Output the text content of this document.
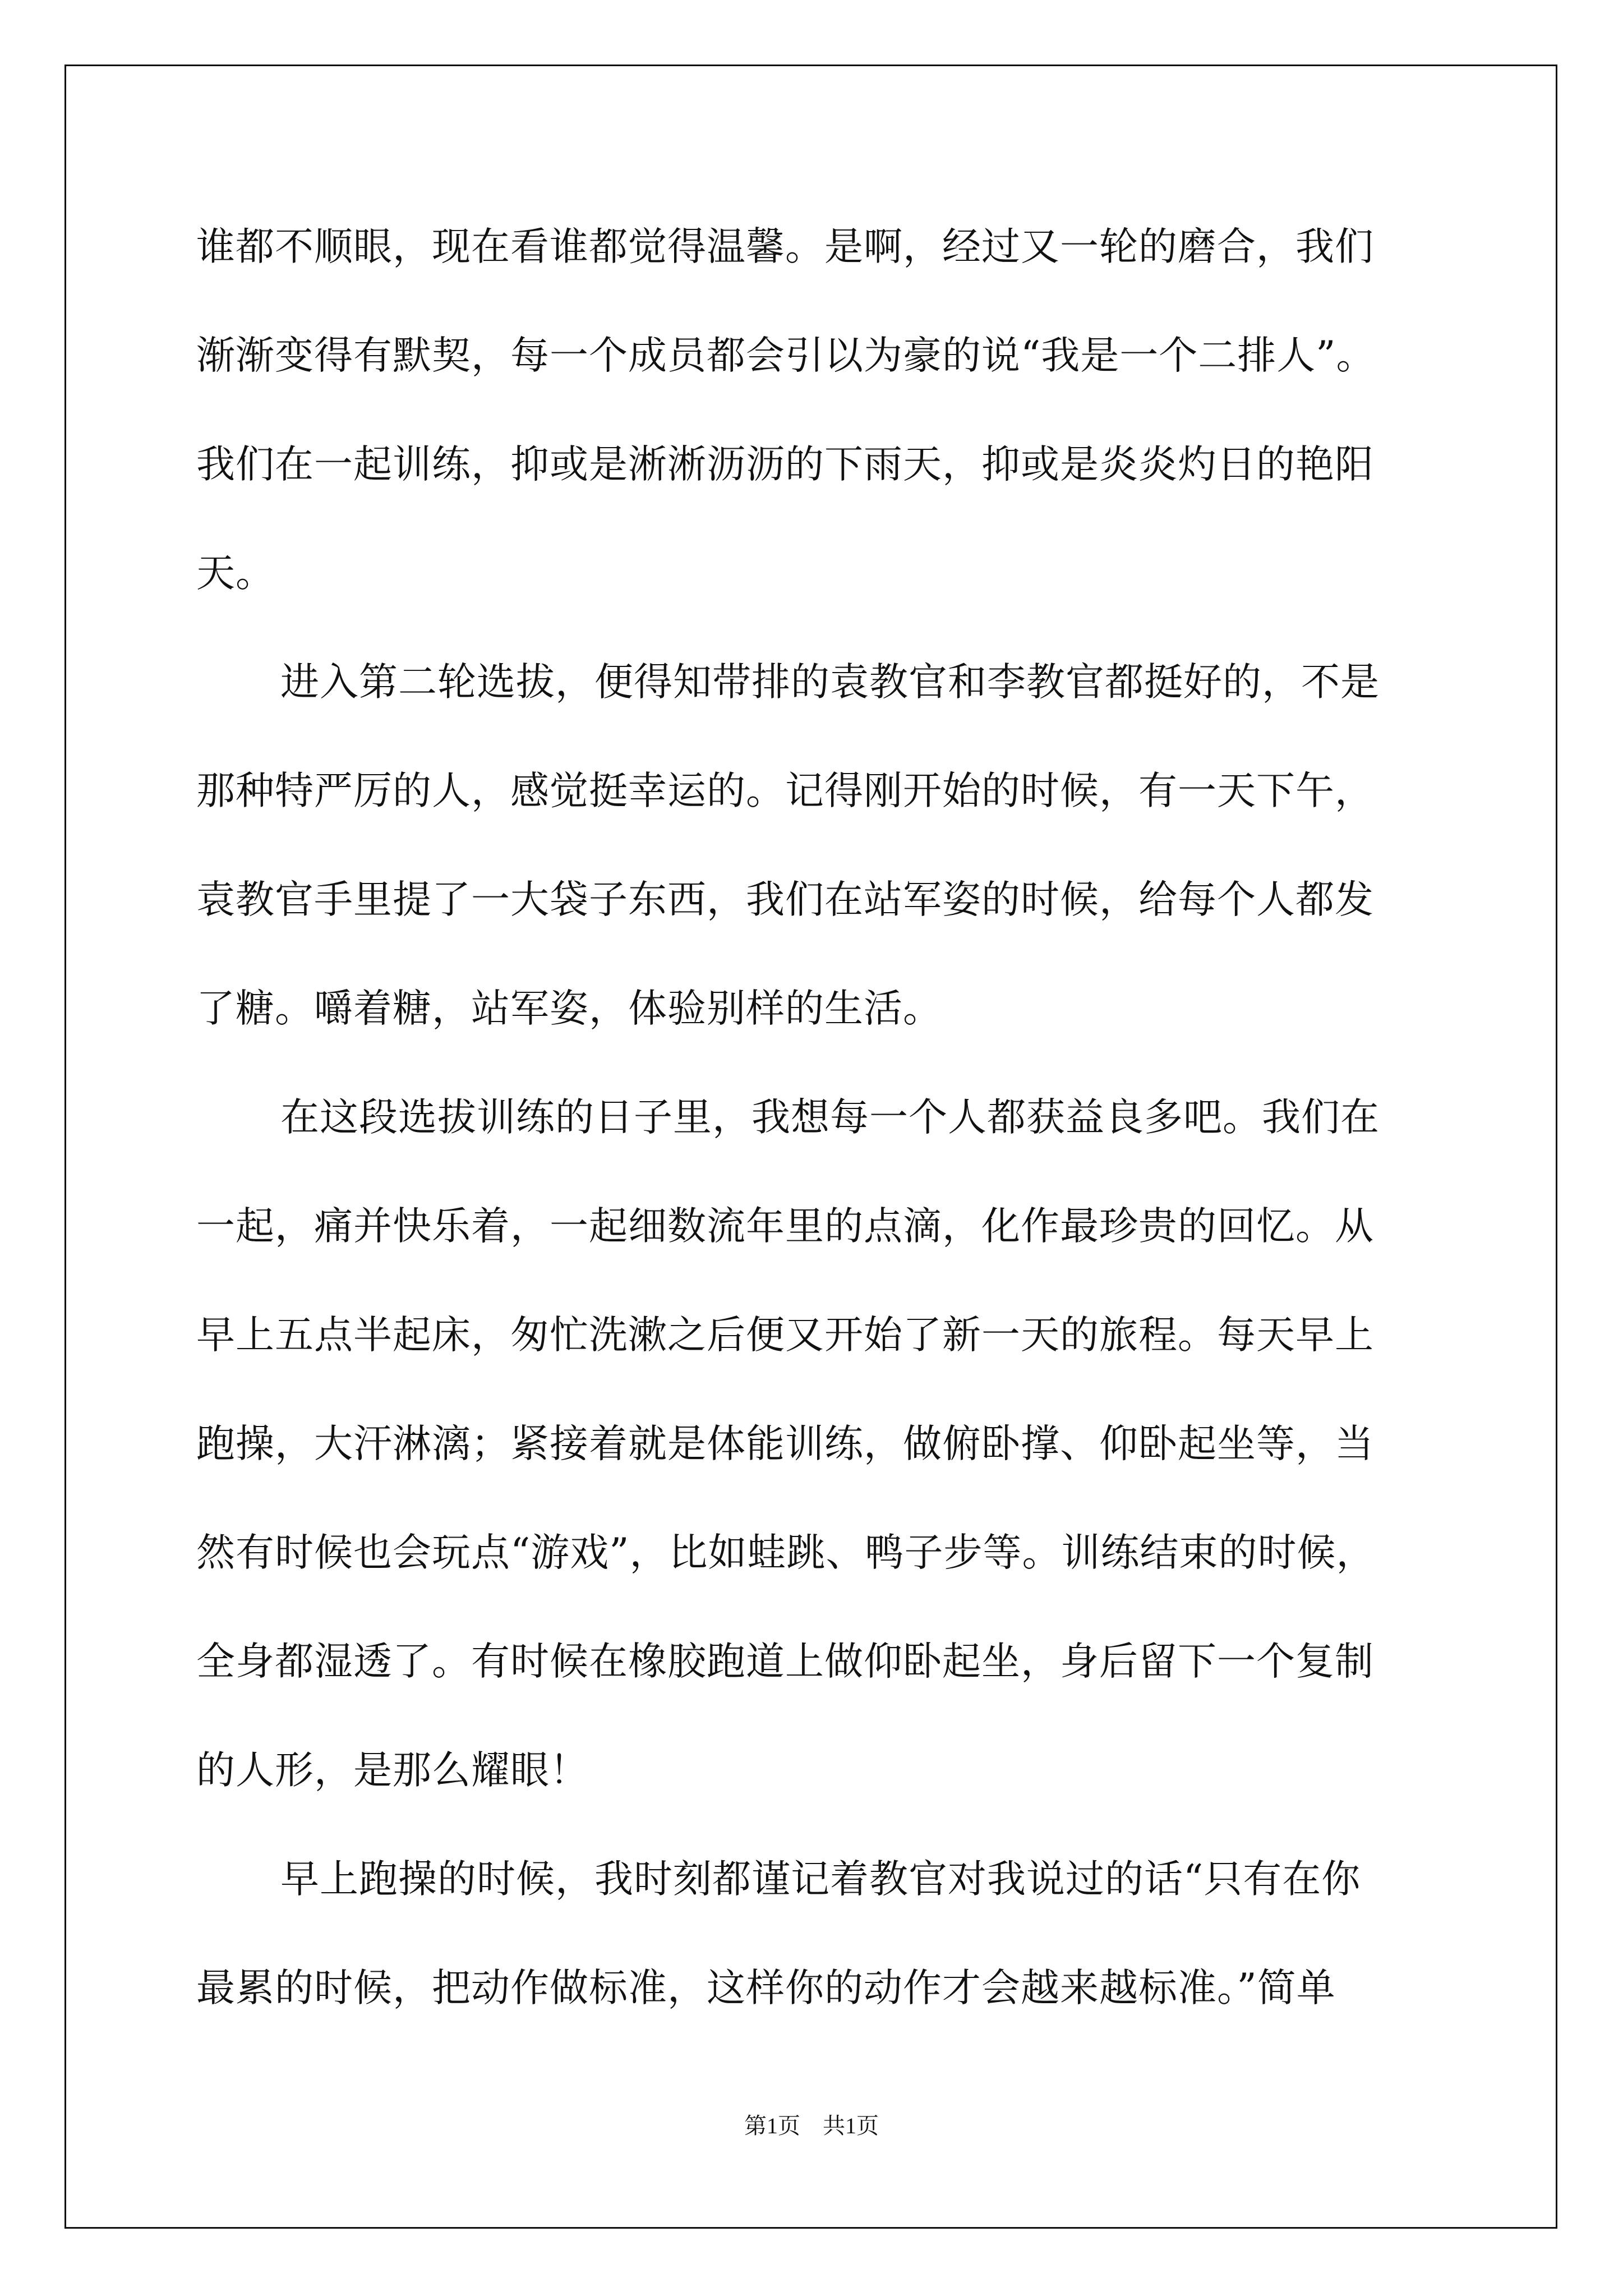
谁都不顺眼，现在看谁都觉得温馨。是啊，经过又一轮的磨合，我们
渐渐变得有默契，每一个成员都会引以为豪的说“我是一个二排人”。
我们在一起训练，抑或是淅淅沥沥的下雨天，抑或是炎炎灼日的艳阳
天。
进入第二轮选拔，便得知带排的袁教官和李教官都挺好的，不是
那种特严厉的人，感觉挺幸运的。记得刚开始的时候，有一天下午，
袁教官手里提了一大袋子东西，我们在站军姿的时候，给每个人都发
了糖。嚼着糖，站军姿，体验别样的生活。
在这段选拔训练的日子里，我想每一个人都获益良多吧。我们在
一起，痛并快乐着，一起细数流年里的点滴，化作最珍贵的回忆。从
早上五点半起床，匆忙洗漱之后便又开始了新一天的旅程。每天早上
跑操，大汗淋漓；紧接着就是体能训练，做俯卧撑、仰卧起坐等，当
然有时候也会玩点“游戏”，比如蛙跳、鸭子步等。训练结束的时候，
全身都湿透了。有时候在橡胶跑道上做仰卧起坐，身后留下一个复制
的人形，是那么耀眼！
早上跑操的时候，我时刻都谨记着教官对我说过的话“只有在你
最累的时候，把动作做标准，这样你的动作才会越来越标准。”简单
第1页　共1页
